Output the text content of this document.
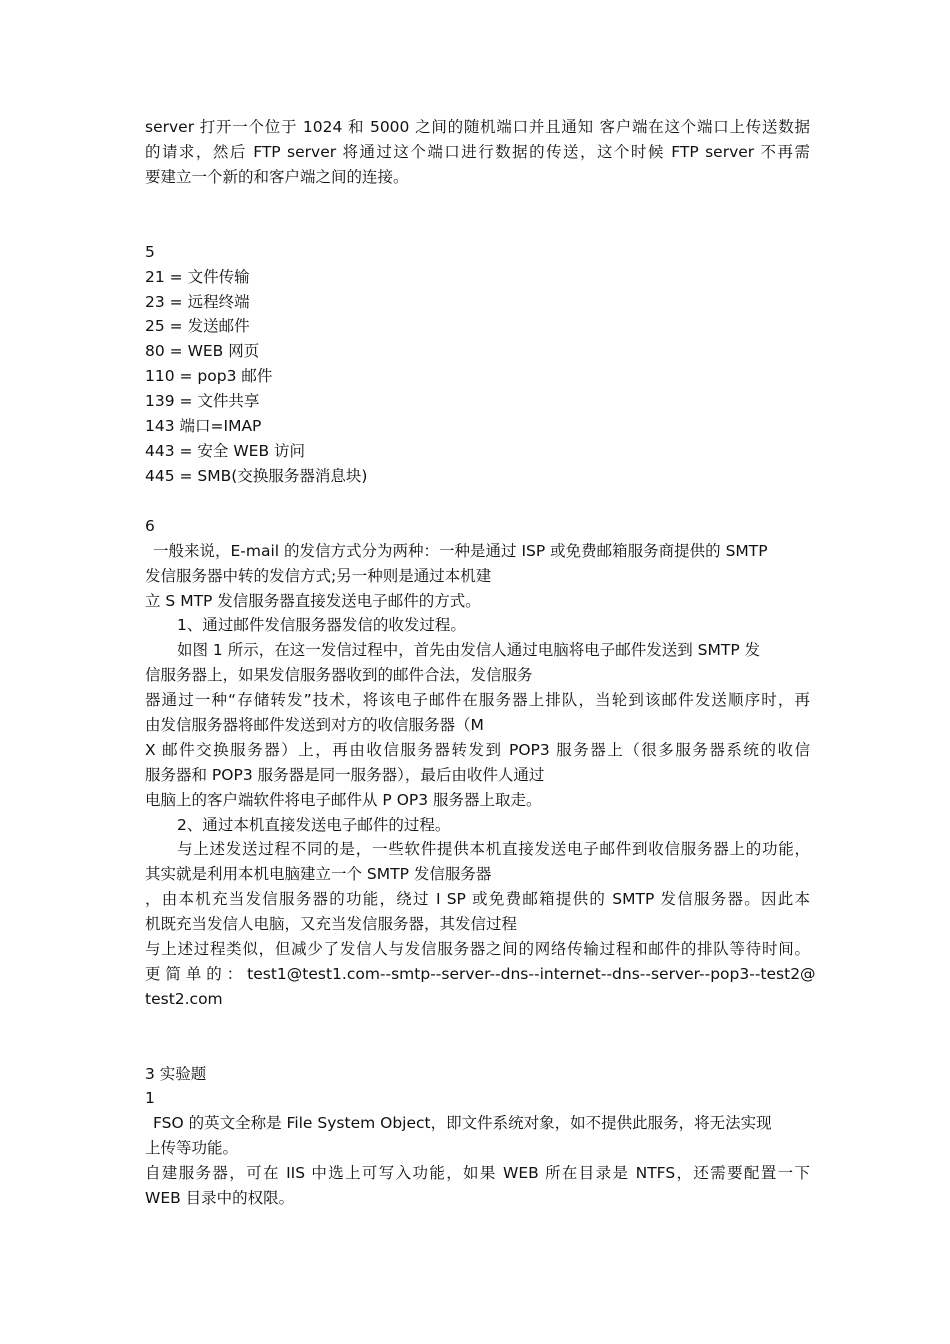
server 打开一个位于 1024 和 5000 之间的随机端口并且通知 客户端在这个端口上传送数据

的请求，然后 FTP server 将通过这个端口进行数据的传送，这个时候 FTP server 不再需

要建立一个新的和客户端之间的连接。

5

21 = 文件传输

23 = 远程终端

25 = 发送邮件

80 = WEB 网页

110 = pop3 邮件

139 = 文件共享

143 端口=IMAP

443 = 安全 WEB 访问

445 = SMB(交换服务器消息块)

6

一般来说，E-mail 的发信方式分为两种：一种是通过 ISP 或免费邮箱服务商提供的 SMTP

发信服务器中转的发信方式;另一种则是通过本机建

立 S MTP 发信服务器直接发送电子邮件的方式。

1、通过邮件发信服务器发信的收发过程。

如图 1 所示，在这一发信过程中，首先由发信人通过电脑将电子邮件发送到 SMTP 发

信服务器上，如果发信服务器收到的邮件合法，发信服务

器通过一种“存储转发”技术，将该电子邮件在服务器上排队，当轮到该邮件发送顺序时，再

由发信服务器将邮件发送到对方的收信服务器（M

X 邮件交换服务器）上，再由收信服务器转发到 POP3 服务器上（很多服务器系统的收信

服务器和 POP3 服务器是同一服务器），最后由收件人通过

电脑上的客户端软件将电子邮件从 P OP3 服务器上取走。

2、通过本机直接发送电子邮件的过程。

与上述发送过程不同的是，一些软件提供本机直接发送电子邮件到收信服务器上的功能，

其实就是利用本机电脑建立一个 SMTP 发信服务器

，由本机充当发信服务器的功能，绕过 I SP 或免费邮箱提供的 SMTP 发信服务器。因此本

机既充当发信人电脑，又充当发信服务器，其发信过程

与上述过程类似，但减少了发信人与发信服务器之间的网络传输过程和邮件的排队等待时间。

更 简 单 的 ： test1@test1.com--smtp--server--dns--internet--dns--server--pop3--test2@

test2.com

3 实验题

1

FSO 的英文全称是 File System Object，即文件系统对象，如不提供此服务，将无法实现

上传等功能。

自建服务器，可在 IIS 中选上可写入功能，如果 WEB 所在目录是 NTFS，还需要配置一下

WEB 目录中的权限。
